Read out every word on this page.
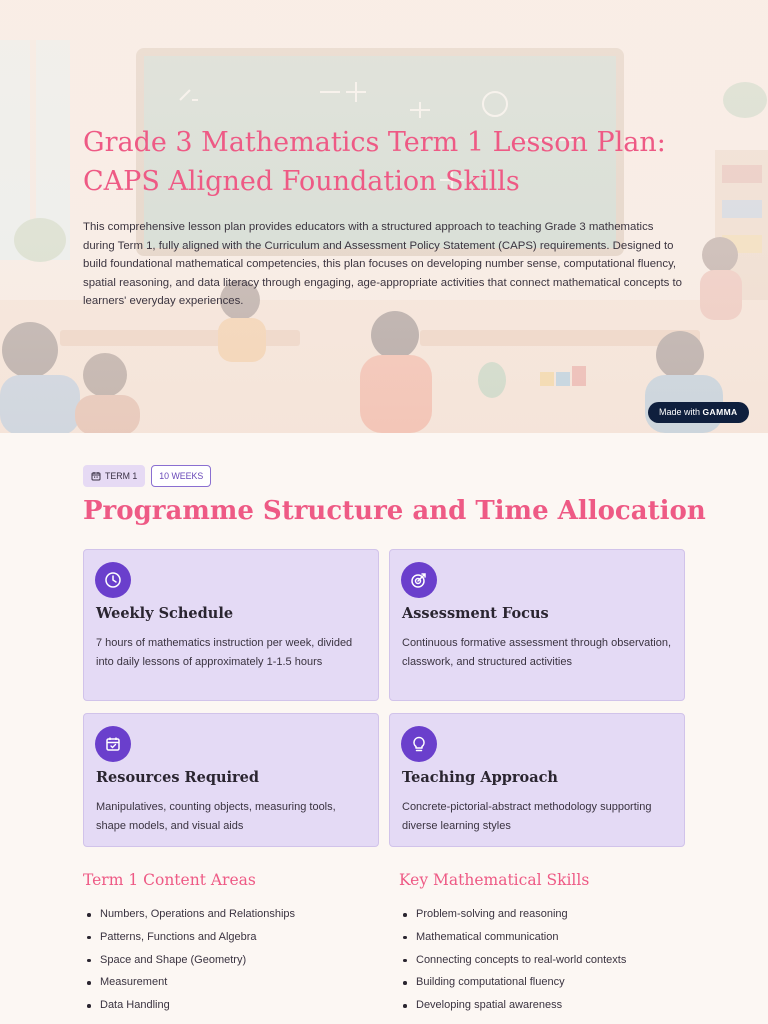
Grade 3 Mathematics Term 1 Lesson Plan: CAPS Aligned Foundation Skills

This comprehensive lesson plan provides educators with a structured approach to teaching Grade 3 mathematics during Term 1, fully aligned with the Curriculum and Assessment Policy Statement (CAPS) requirements. Designed to build foundational mathematical competencies, this plan focuses on developing number sense, computational fluency, spatial reasoning, and data literacy through engaging, age-appropriate activities that connect mathematical concepts to learners' everyday experiences.

Made with GAMMA
TERM 1	10 WEEKS
Programme Structure and Time Allocation
Weekly Schedule
7 hours of mathematics instruction per week, divided into daily lessons of approximately 1-1.5 hours
Assessment Focus
Continuous formative assessment through observation, classwork, and structured activities
Resources Required
Manipulatives, counting objects, measuring tools, shape models, and visual aids
Teaching Approach
Concrete-pictorial-abstract methodology supporting diverse learning styles
Term 1 Content Areas
Numbers, Operations and Relationships
Patterns, Functions and Algebra
Space and Shape (Geometry)
Measurement
Data Handling
Key Mathematical Skills
Problem-solving and reasoning
Mathematical communication
Connecting concepts to real-world contexts
Building computational fluency
Developing spatial awareness
